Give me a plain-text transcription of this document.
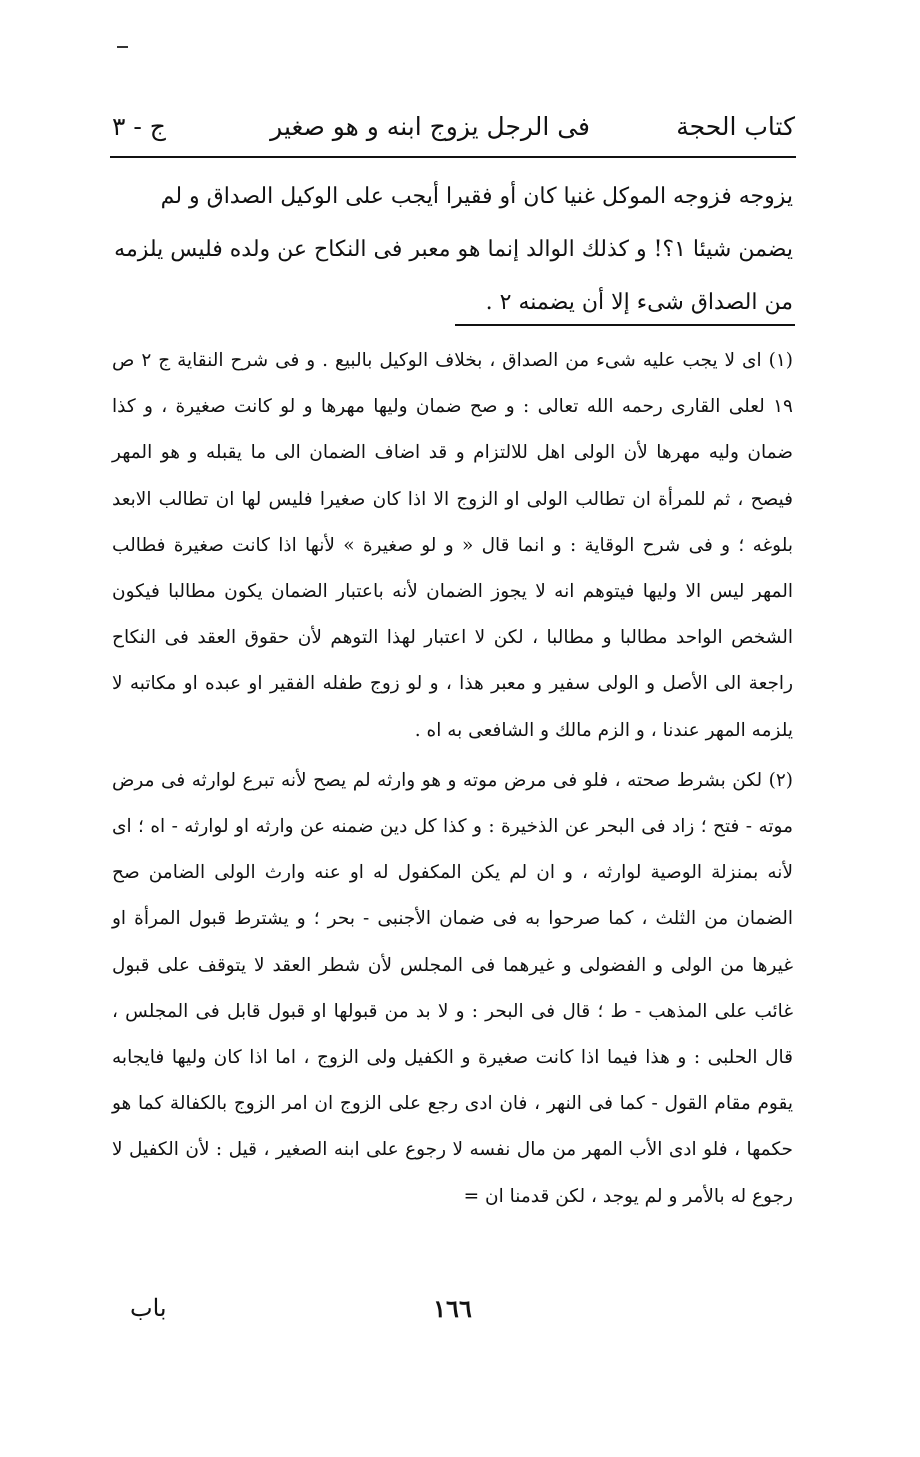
كتاب الحجة
فى الرجل يزوج ابنه و هو صغير
ج - ٣

يزوجه فزوجه الموكل غنيا كان أو فقيرا أيجب على الوكيل الصداق و لم

يضمن شيئا ١؟! و كذلك الوالد إنما هو معبر فى النكاح عن ولده فليس يلزمه

من الصداق شىء إلا أن يضمنه ٢ .

(١) اى لا يجب عليه شىء من الصداق ، بخلاف الوكيل بالبيع . و فى شرح النقاية ج ٢ ص ١٩ لعلى القارى رحمه الله تعالى : و صح ضمان وليها مهرها و لو كانت صغيرة ، و كذا ضمان وليه مهرها لأن الولى اهل للالتزام و قد اضاف الضمان الى ما يقبله و هو المهر فيصح ، ثم للمرأة ان تطالب الولى او الزوج الا اذا كان صغيرا فليس لها ان تطالب الابعد بلوغه ؛ و فى شرح الوقاية : و انما قال « و لو صغيرة » لأنها اذا كانت صغيرة فطالب المهر ليس الا وليها فيتوهم انه لا يجوز الضمان لأنه باعتبار الضمان يكون مطالبا فيكون الشخص الواحد مطالبا و مطالبا ، لكن لا اعتبار لهذا التوهم لأن حقوق العقد فى النكاح راجعة الى الأصل و الولى سفير و معبر هذا ، و لو زوج طفله الفقير او عبده او مكاتبه لا يلزمه المهر عندنا ، و الزم مالك و الشافعى به اه .

(٢) لكن بشرط صحته ، فلو فى مرض موته و هو وارثه لم يصح لأنه تبرع لوارثه فى مرض موته - فتح ؛ زاد فى البحر عن الذخيرة : و كذا كل دين ضمنه عن وارثه او لوارثه - اه ؛ اى لأنه بمنزلة الوصية لوارثه ، و ان لم يكن المكفول له او عنه وارث الولى الضامن صح الضمان من الثلث ، كما صرحوا به فى ضمان الأجنبى - بحر ؛ و يشترط قبول المرأة او غيرها من الولى و الفضولى و غيرهما فى المجلس لأن شطر العقد لا يتوقف على قبول غائب على المذهب - ط ؛ قال فى البحر : و لا بد من قبولها او قبول قابل فى المجلس ، قال الحلبى : و هذا فيما اذا كانت صغيرة و الكفيل ولى الزوج ، اما اذا كان وليها فايجابه يقوم مقام القول - كما فى النهر ، فان ادى رجع على الزوج ان امر الزوج بالكفالة كما هو حكمها ، فلو ادى الأب المهر من مال نفسه لا رجوع على ابنه الصغير ، قيل : لأن الكفيل لا رجوع له بالأمر و لم يوجد ، لكن قدمنا ان =

١٦٦
باب
